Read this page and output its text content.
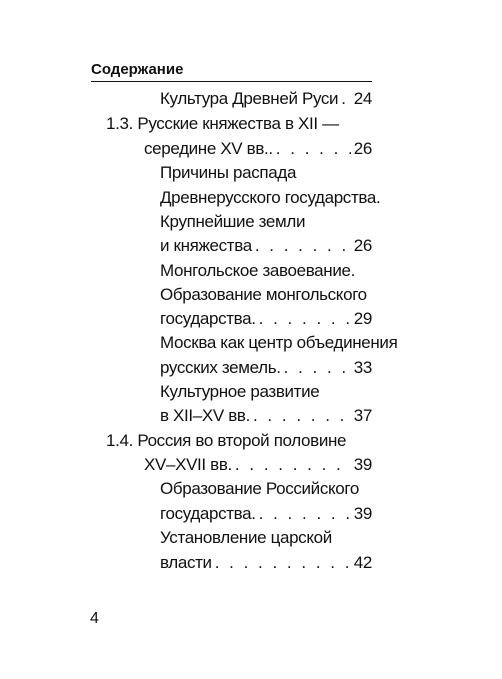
Содержание
Культура Древней Руси . . . 24
1.3. Русские княжества в XII —
середине XV вв.. . . .	26
Причины распада
Древнерусского государства.
Крупнейшие земли
и княжества . . .	26
Монгольское завоевание.
Образование монгольского
государства. . . .	29
Москва как центр объединения
русских земель. . . .	33
Культурное развитие
в XII–XV вв. . . .	37
1.4. Россия во второй половине
XV–XVII вв. . . .	39
Образование Российского
государства. . . .	39
Установление царской
власти . . .	42
4
